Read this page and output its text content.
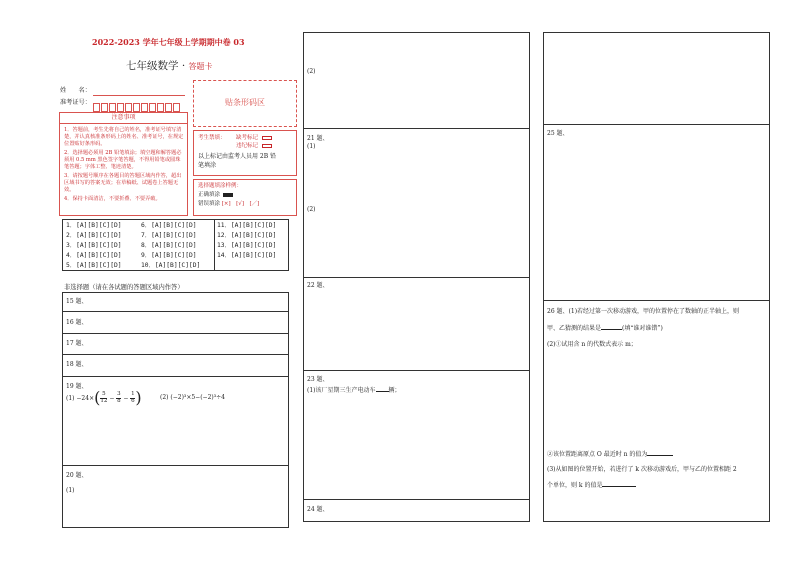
2022-2023 学年七年级上学期期中卷 03
七年级数学 · 答题卡
姓　　名：
准考证号：	贴条形码区
注意事项
1．答题前，考生先将自己的姓名，准考证号填写清楚，并认真核准条形码上的姓名、准考证号，在规定位置贴好条形码。
2．选择题必须用 2B 铅笔填涂；填空题和解答题必须用 0.5 mm 黑色签字笔答题，不得用铅笔或圆珠笔答题；字体工整、笔迹清楚。
3．请按题号顺序在各题目的答题区域内作答，超出区域书写的答案无效；在草稿纸、试题卷上答题无效。
4．保持卡面清洁，不要折叠、不要弄破。
考生禁填： 缺考标记
违纪标记
以上标记由监考人员用 2B 铅
笔填涂
选择题填涂样例：
正确填涂
错误填涂 [×]　[√]　[／]
1．[A][B][C][D]
2．[A][B][C][D]
3．[A][B][C][D]
4．[A][B][C][D]
5．[A][B][C][D]
6．[A][B][C][D]
7．[A][B][C][D]
8．[A][B][C][D]
9．[A][B][C][D]
10．[A][B][C][D]
11．[A][B][C][D]
12．[A][B][C][D]
13．[A][B][C][D]
14．[A][B][C][D]
非选择题（请在各试题的答题区域内作答）
15 题、
16 题、
17 题、
18 题、
19 题、
(1) −24× ( 5
$12 - \frac{3}{8} - \frac{1}{6}$ )	(2) (−2)³×5−(−2)³÷4
20 题、
(1)
(2)
21 题、
(1)
(2)
22 题、
23 题、
(1)该厂星期三生产电动车 辆；
24 题、
25 题、
26 题、(1)若经过第一次移动游戏，甲的位置停在了数轴的正半轴上，则
甲、乙猜测的结果是	(填“谁对谁错”)
(2)①试用含 n 的代数式表示 m；
②该位置距离原点 O 最近时 n 的值为
(3)从如图的位置开始，若进行了 k 次移动游戏后，甲与乙的位置相距 2
个单位，则 k 的值是
